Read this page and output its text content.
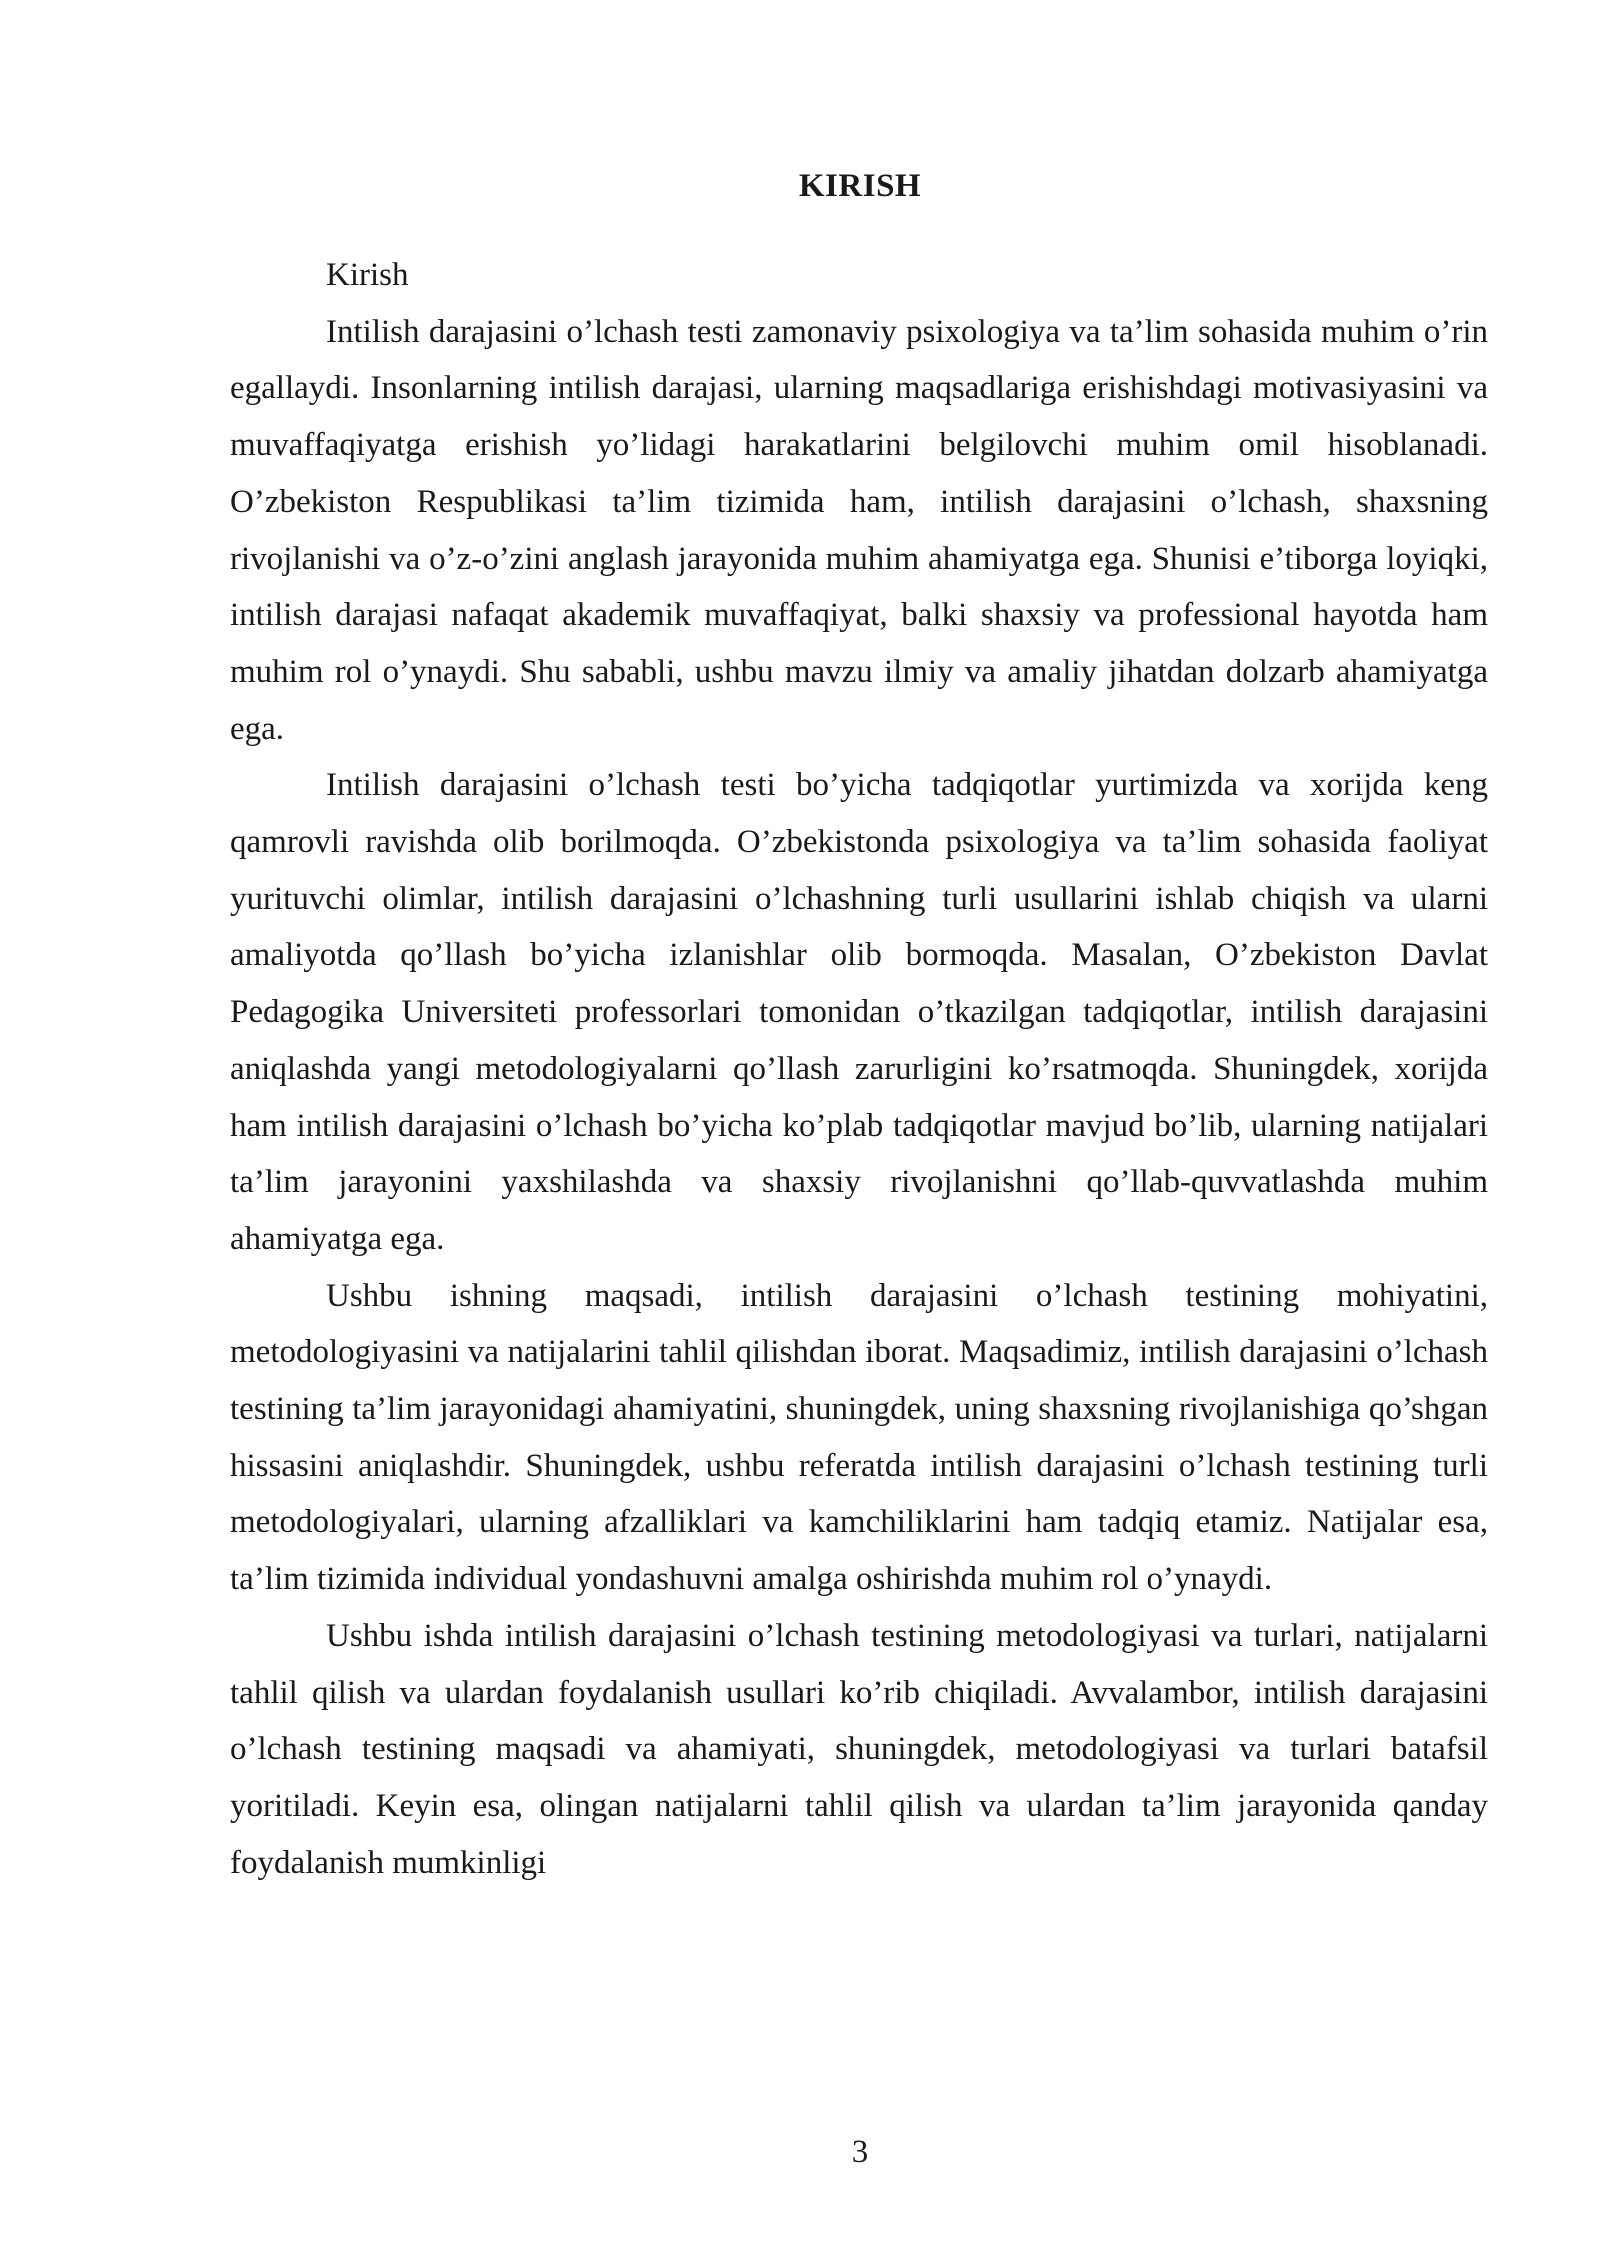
KIRISH

Kirish

Intilish darajasini o’lchash testi zamonaviy psixologiya va ta’lim sohasida muhim o’rin egallaydi. Insonlarning intilish darajasi, ularning maqsadlariga erishishdagi motivasiyasini va muvaffaqiyatga erishish yo’lidagi harakatlarini belgilovchi muhim omil hisoblanadi. O’zbekiston Respublikasi ta’lim tizimida ham, intilish darajasini o’lchash, shaxsning rivojlanishi va o’z-o’zini anglash jarayonida muhim ahamiyatga ega. Shunisi e’tiborga loyiqki, intilish darajasi nafaqat akademik muvaffaqiyat, balki shaxsiy va professional hayotda ham muhim rol o’ynaydi. Shu sababli, ushbu mavzu ilmiy va amaliy jihatdan dolzarb ahamiyatga ega.

Intilish darajasini o’lchash testi bo’yicha tadqiqotlar yurtimizda va xorijda keng qamrovli ravishda olib borilmoqda. O’zbekistonda psixologiya va ta’lim sohasida faoliyat yurituvchi olimlar, intilish darajasini o’lchashning turli usullarini ishlab chiqish va ularni amaliyotda qo’llash bo’yicha izlanishlar olib bormoqda. Masalan, O’zbekiston Davlat Pedagogika Universiteti professorlari tomonidan o’tkazilgan tadqiqotlar, intilish darajasini aniqlashda yangi metodologiyalarni qo’llash zarurligini ko’rsatmoqda. Shuningdek, xorijda ham intilish darajasini o’lchash bo’yicha ko’plab tadqiqotlar mavjud bo’lib, ularning natijalari ta’lim jarayonini yaxshilashda va shaxsiy rivojlanishni qo’llab-quvvatlashda muhim ahamiyatga ega.

Ushbu ishning maqsadi, intilish darajasini o’lchash testining mohiyatini, metodologiyasini va natijalarini tahlil qilishdan iborat. Maqsadimiz, intilish darajasini o’lchash testining ta’lim jarayonidagi ahamiyatini, shuningdek, uning shaxsning rivojlanishiga qo’shgan hissasini aniqlashdir. Shuningdek, ushbu referatda intilish darajasini o’lchash testining turli metodologiyalari, ularning afzalliklari va kamchiliklarini ham tadqiq etamiz. Natijalar esa, ta’lim tizimida individual yondashuvni amalga oshirishda muhim rol o’ynaydi.

Ushbu ishda intilish darajasini o’lchash testining metodologiyasi va turlari, natijalarni tahlil qilish va ulardan foydalanish usullari ko’rib chiqiladi. Avvalambor, intilish darajasini o’lchash testining maqsadi va ahamiyati, shuningdek, metodologiyasi va turlari batafsil yoritiladi. Keyin esa, olingan natijalarni tahlil qilish va ulardan ta’lim jarayonida qanday foydalanish mumkinligi

3
